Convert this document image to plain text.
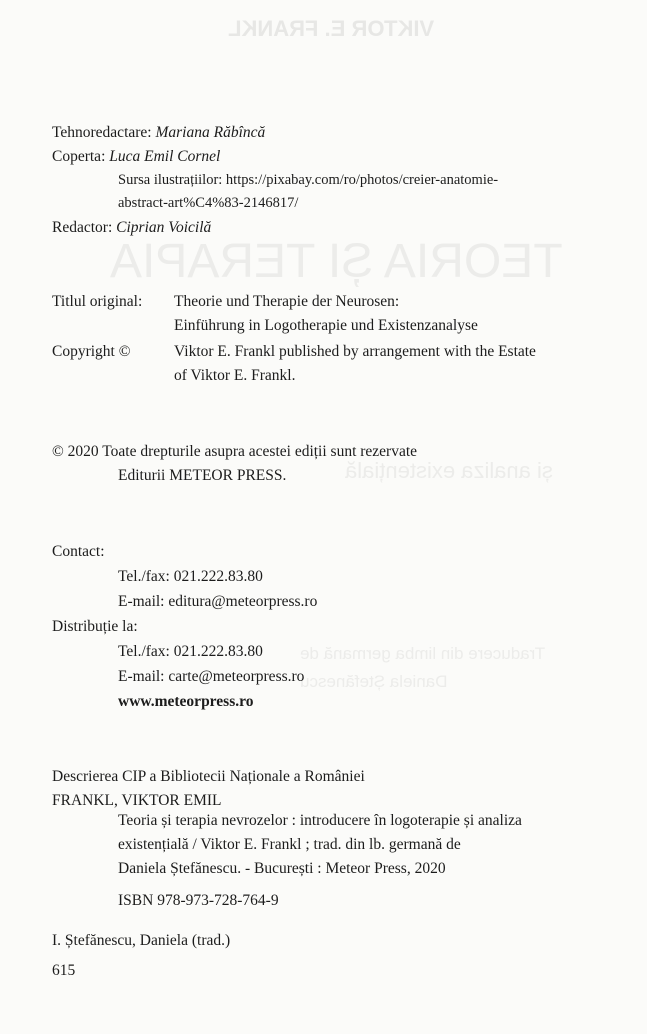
VIKTOR E. FRANKL
TEORIA ȘI TERAPIA
și analiza existențială
Traducere din limba germană de
Daniela Ștefănescu
Tehnoredactare: Mariana Răbîncă
Coperta: Luca Emil Cornel
Sursa ilustrațiilor: https://pixabay.com/ro/photos/creier-anatomie-
abstract-art%C4%83-2146817/
Redactor: Ciprian Voicilă
Titlul original: Theorie und Therapie der Neurosen:
Einführung in Logotherapie und Existenzanalyse
Copyright ©	Viktor E. Frankl published by arrangement with the Estate
of Viktor E. Frankl.
© 2020 Toate drepturile asupra acestei ediții sunt rezervate
Editurii METEOR PRESS.
Contact:
Tel./fax: 021.222.83.80
E-mail: editura@meteorpress.ro
Distribuție la:
Tel./fax: 021.222.83.80
E-mail: carte@meteorpress.ro
www.meteorpress.ro
Descrierea CIP a Bibliotecii Naționale a României
FRANKL, VIKTOR EMIL
Teoria și terapia nevrozelor : introducere în logoterapie și analiza
existențială / Viktor E. Frankl ; trad. din lb. germană de
Daniela Ștefănescu. - București : Meteor Press, 2020
ISBN 978-973-728-764-9
I. Ștefănescu, Daniela (trad.)
615
